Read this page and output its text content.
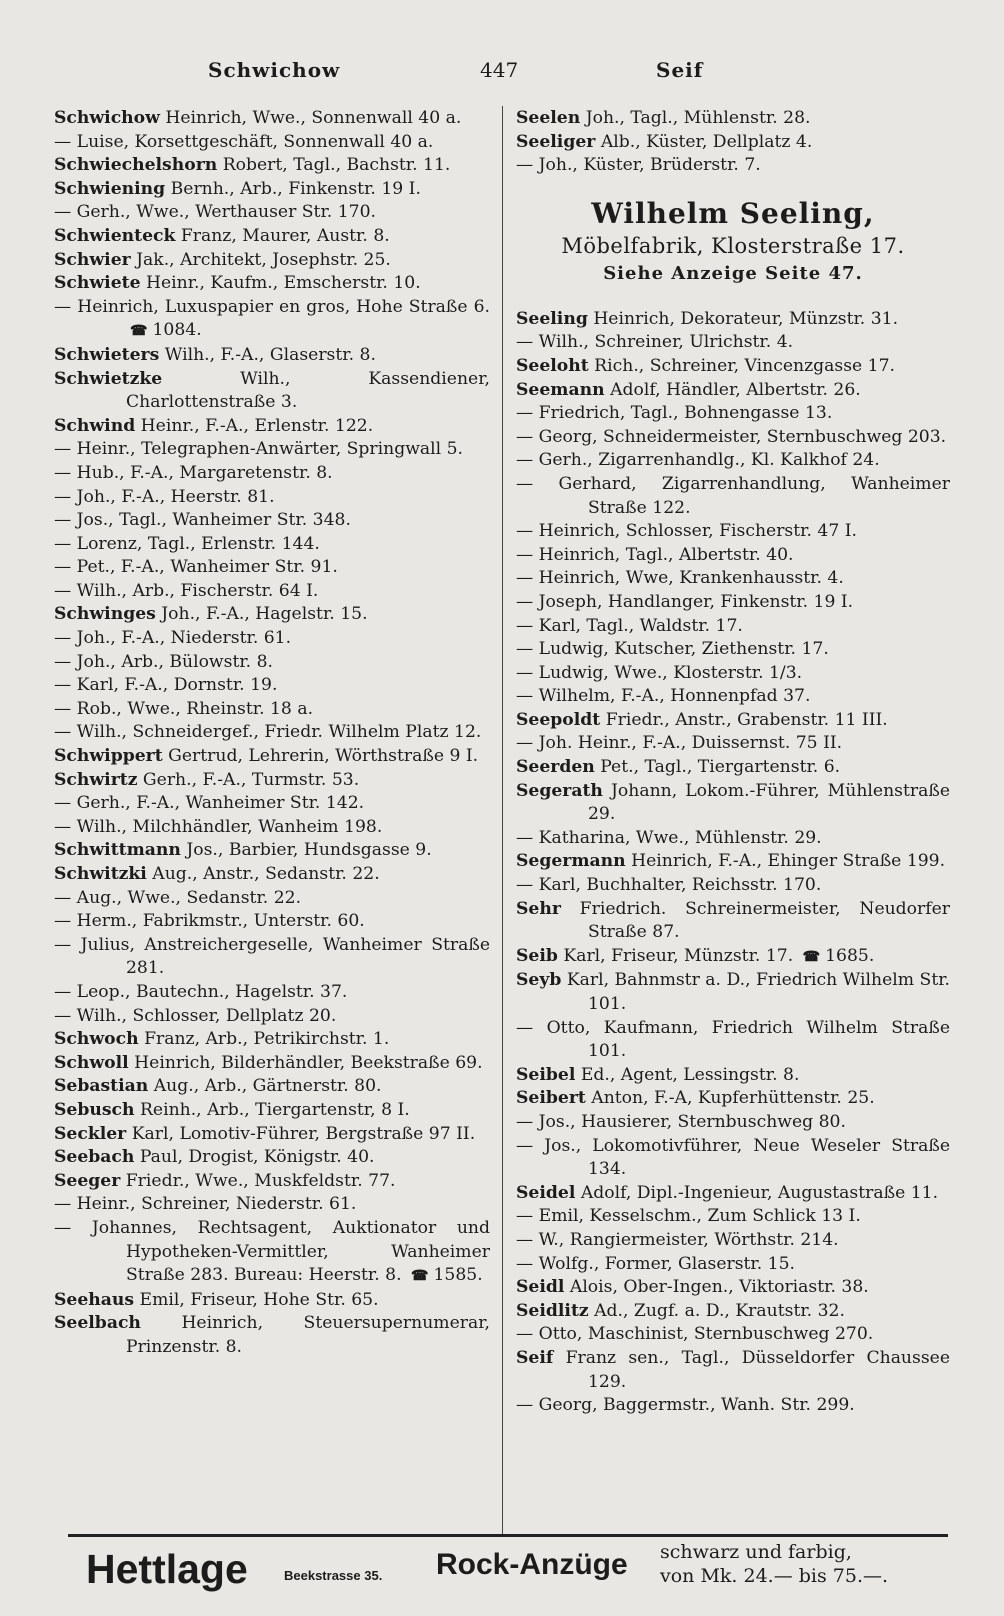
Schwichow	447	Seif
Schwichow Heinrich, Wwe., Sonnenwall 40 a.
— Luise, Korsettgeschäft, Sonnenwall 40 a.
Schwiechelshorn Robert, Tagl., Bachstr. 11.
Schwiening Bernh., Arb., Finkenstr. 19 I.
— Gerh., Wwe., Werthauser Str. 170.
Schwienteck Franz, Maurer, Austr. 8.
Schwier Jak., Architekt, Josephstr. 25.
Schwiete Heinr., Kaufm., Emscherstr. 10.
— Heinrich, Luxuspapier en gros, Hohe Straße 6. ☎ 1084.
Schwieters Wilh., F.-A., Glaserstr. 8.
Schwietzke Wilh., Kassendiener, Charlottenstraße 3.
Schwind Heinr., F.-A., Erlenstr. 122.
— Heinr., Telegraphen-Anwärter, Springwall 5.
— Hub., F.-A., Margaretenstr. 8.
— Joh., F.-A., Heerstr. 81.
— Jos., Tagl., Wanheimer Str. 348.
— Lorenz, Tagl., Erlenstr. 144.
— Pet., F.-A., Wanheimer Str. 91.
— Wilh., Arb., Fischerstr. 64 I.
Schwinges Joh., F.-A., Hagelstr. 15.
— Joh., F.-A., Niederstr. 61.
— Joh., Arb., Bülowstr. 8.
— Karl, F.-A., Dornstr. 19.
— Rob., Wwe., Rheinstr. 18 a.
— Wilh., Schneidergef., Friedr. Wilhelm Platz 12.
Schwippert Gertrud, Lehrerin, Wörthstraße 9 I.
Schwirtz Gerh., F.-A., Turmstr. 53.
— Gerh., F.-A., Wanheimer Str. 142.
— Wilh., Milchhändler, Wanheim 198.
Schwittmann Jos., Barbier, Hundsgasse 9.
Schwitzki Aug., Anstr., Sedanstr. 22.
— Aug., Wwe., Sedanstr. 22.
— Herm., Fabrikmstr., Unterstr. 60.
— Julius, Anstreichergeselle, Wanheimer Straße 281.
— Leop., Bautechn., Hagelstr. 37.
— Wilh., Schlosser, Dellplatz 20.
Schwoch Franz, Arb., Petrikirchstr. 1.
Schwoll Heinrich, Bilderhändler, Beekstraße 69.
Sebastian Aug., Arb., Gärtnerstr. 80.
Sebusch Reinh., Arb., Tiergartenstr, 8 I.
Seckler Karl, Lomotiv-Führer, Bergstraße 97 II.
Seebach Paul, Drogist, Königstr. 40.
Seeger Friedr., Wwe., Muskfeldstr. 77.
— Heinr., Schreiner, Niederstr. 61.
— Johannes, Rechtsagent, Auktionator und Hypotheken-Vermittler, Wanheimer Straße 283. Bureau: Heerstr. 8. ☎ 1585.
Seehaus Emil, Friseur, Hohe Str. 65.
Seelbach Heinrich, Steuersupernumerar, Prinzenstr. 8.
Seelen Joh., Tagl., Mühlenstr. 28.
Seeliger Alb., Küster, Dellplatz 4.
— Joh., Küster, Brüderstr. 7.
Wilhelm Seeling,
Möbelfabrik, Klosterstraße 17.
Siehe Anzeige Seite 47.
Seeling Heinrich, Dekorateur, Münzstr. 31.
— Wilh., Schreiner, Ulrichstr. 4.
Seeloht Rich., Schreiner, Vincenzgasse 17.
Seemann Adolf, Händler, Albertstr. 26.
— Friedrich, Tagl., Bohnengasse 13.
— Georg, Schneidermeister, Sternbuschweg 203.
— Gerh., Zigarrenhandlg., Kl. Kalkhof 24.
— Gerhard, Zigarrenhandlung, Wanheimer Straße 122.
— Heinrich, Schlosser, Fischerstr. 47 I.
— Heinrich, Tagl., Albertstr. 40.
— Heinrich, Wwe, Krankenhausstr. 4.
— Joseph, Handlanger, Finkenstr. 19 I.
— Karl, Tagl., Waldstr. 17.
— Ludwig, Kutscher, Ziethenstr. 17.
— Ludwig, Wwe., Klosterstr. 1/3.
— Wilhelm, F.-A., Honnenpfad 37.
Seepoldt Friedr., Anstr., Grabenstr. 11 III.
— Joh. Heinr., F.-A., Duissernst. 75 II.
Seerden Pet., Tagl., Tiergartenstr. 6.
Segerath Johann, Lokom.-Führer, Mühlenstraße 29.
— Katharina, Wwe., Mühlenstr. 29.
Segermann Heinrich, F.-A., Ehinger Straße 199.
— Karl, Buchhalter, Reichsstr. 170.
Sehr Friedrich. Schreinermeister, Neudorfer Straße 87.
Seib Karl, Friseur, Münzstr. 17. ☎ 1685.
Seyb Karl, Bahnmstr a. D., Friedrich Wilhelm Str. 101.
— Otto, Kaufmann, Friedrich Wilhelm Straße 101.
Seibel Ed., Agent, Lessingstr. 8.
Seibert Anton, F.-A, Kupferhüttenstr. 25.
— Jos., Hausierer, Sternbuschweg 80.
— Jos., Lokomotivführer, Neue Weseler Straße 134.
Seidel Adolf, Dipl.-Ingenieur, Augustastraße 11.
— Emil, Kesselschm., Zum Schlick 13 I.
— W., Rangiermeister, Wörthstr. 214.
— Wolfg., Former, Glaserstr. 15.
Seidl Alois, Ober-Ingen., Viktoriastr. 38.
Seidlitz Ad., Zugf. a. D., Krautstr. 32.
— Otto, Maschinist, Sternbuschweg 270.
Seif Franz sen., Tagl., Düsseldorfer Chaussee 129.
— Georg, Baggermstr., Wanh. Str. 299.
Hettlage	Beekstrasse 35. Rock-Anzüge schwarz und farbig,
von Mk. 24.— bis 75.—.
